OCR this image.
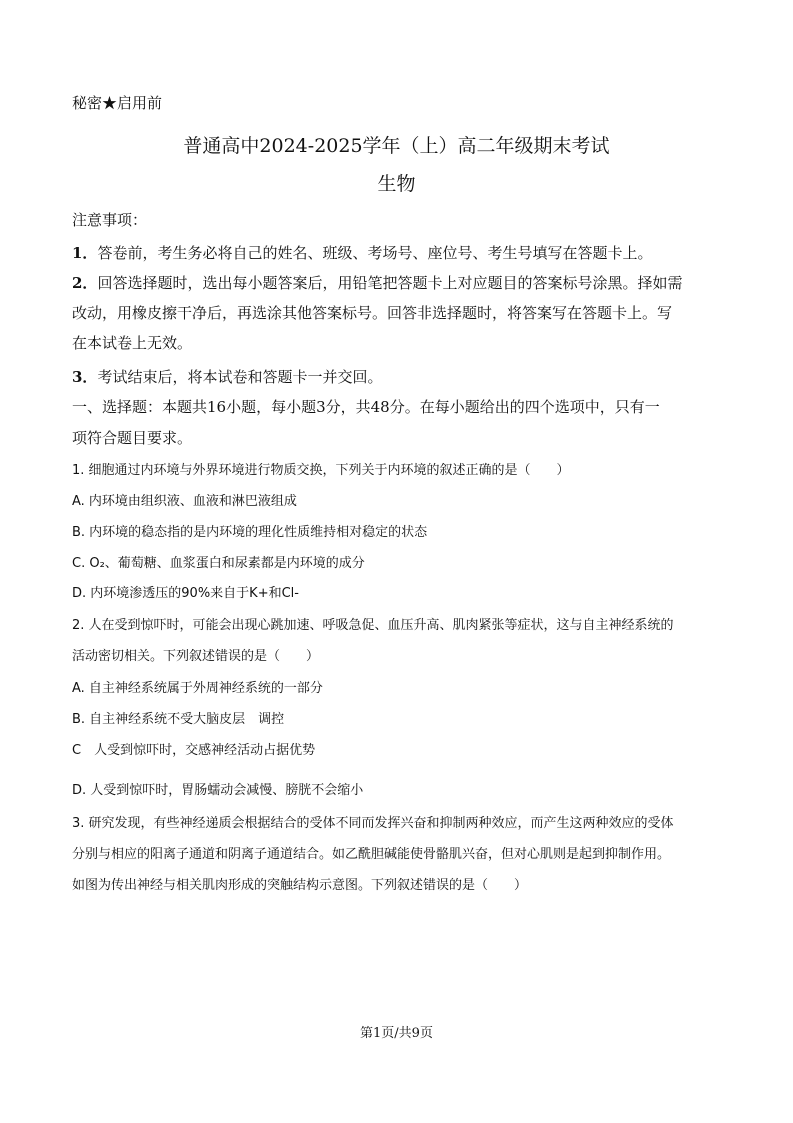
秘密★启用前
普通高中2024-2025学年（上）高二年级期末考试
生物
注意事项：
1．答卷前，考生务必将自己的姓名、班级、考场号、座位号、考生号填写在答题卡上。
2．回答选择题时，选出每小题答案后，用铅笔把答题卡上对应题目的答案标号涂黑。择如需
改动，用橡皮擦干净后，再选涂其他答案标号。回答非选择题时，将答案写在答题卡上。写
在本试卷上无效。
3．考试结束后，将本试卷和答题卡一并交回。
一、选择题：本题共16小题，每小题3分，共48分。在每小题给出的四个选项中，只有一
项符合题目要求。
1. 细胞通过内环境与外界环境进行物质交换，下列关于内环境的叙述正确的是（　　）
A. 内环境由组织液、血液和淋巴液组成
B. 内环境的稳态指的是内环境的理化性质维持相对稳定的状态
C. O₂、葡萄糖、血浆蛋白和尿素都是内环境的成分
D. 内环境渗透压的90%来自于K+和Cl-
2. 人在受到惊吓时，可能会出现心跳加速、呼吸急促、血压升高、肌肉紧张等症状，这与自主神经系统的
活动密切相关。下列叙述错误的是（　　）
A. 自主神经系统属于外周神经系统的一部分
B. 自主神经系统不受大脑皮层　调控
C　人受到惊吓时，交感神经活动占据优势
D. 人受到惊吓时，胃肠蠕动会减慢、膀胱不会缩小
3. 研究发现，有些神经递质会根据结合的受体不同而发挥兴奋和抑制两种效应，而产生这两种效应的受体
分别与相应的阳离子通道和阴离子通道结合。如乙酰胆碱能使骨骼肌兴奋，但对心肌则是起到抑制作用。
如图为传出神经与相关肌肉形成的突触结构示意图。下列叙述错误的是（　　）
第1页/共9页
